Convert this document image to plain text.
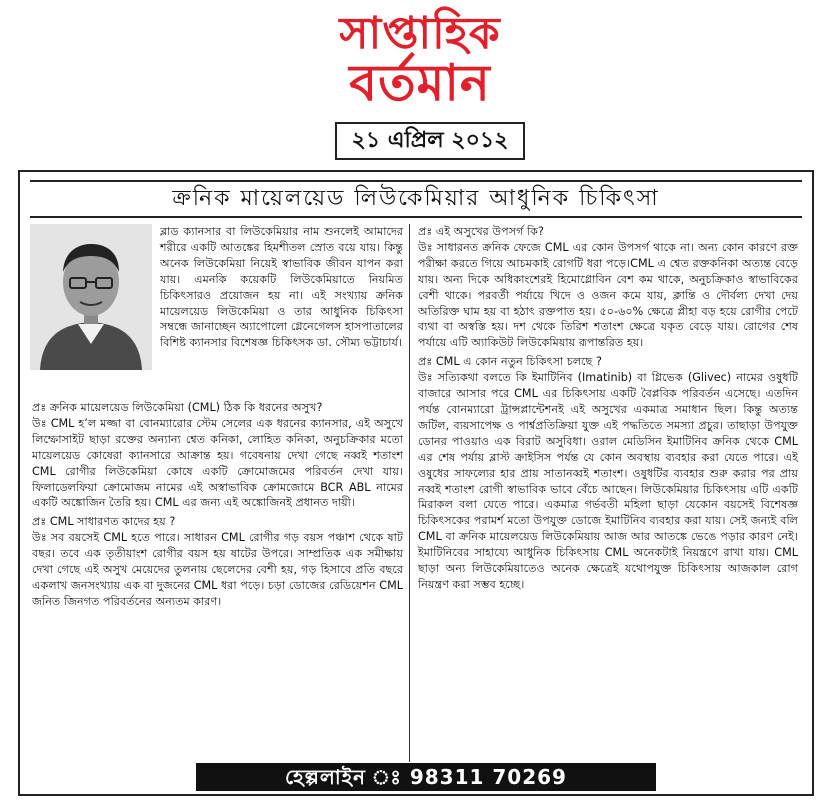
সাপ্তাহিক
বর্তমান
২১ এপ্রিল ২০১২
ক্রনিক মায়েলয়েড লিউকেমিয়ার আধুনিক চিকিৎসা

ব্লাড ক্যানসার বা লিউকেমিয়ার নাম শুনলেই আমাদের শরীরে একটি আতঙ্কের হিমশীতল স্রোত বয়ে যায়। কিন্তু অনেক লিউকেমিয়া নিয়েই স্বাভাবিক জীবন যাপন করা যায়। এমনকি কয়েকটি লিউকেমিয়াতে নিয়মিত চিকিৎসারও প্রয়োজন হয় না। এই সংখ্যায় ক্রনিক মায়েলয়েড লিউকেমিয়া ও তার আধুনিক চিকিৎসা সম্বন্ধে জানাচ্ছেন অ্যাপোলো গ্লেনেগেলস হাসপাতালের বিশিষ্ট ক্যানসার বিশেষজ্ঞ চিকিৎসক ডা. সৌম্য ভট্টাচার্য।

প্রঃ ক্রনিক মায়েলয়েড লিউকেমিয়া (CML) ঠিক কি ধরনের অসুখ?

উঃ CML হ’ল মজ্জা বা বোনম্যারোর স্টেম সেলের এক ধরনের ক্যানসার, এই অসুখে লিম্ফোসাইট ছাড়া রক্তের অন্যান্য শ্বেত কনিকা, লোহিত কনিকা, অনুচক্রিকার মতো মায়েলয়েড কোষেরা ক্যানসারে আক্রান্ত হয়। গবেষনায় দেখা গেছে নব্বই শতাংশ CML রোগীর লিউকেমিয়া কোষে একটি ক্রোমোজমের পরিবর্তন দেখা যায়। ফিলাডেলফিয়া ক্রোমোজম নামের এই অস্বাভাবিক ক্রোমজোমে BCR ABL নামের একটি অঙ্কোজিন তৈরি হয়। CML এর জন্য এই অঙ্কোজিনই প্রধানত দায়ী।

প্রঃ CML সাধারণত কাদের হয় ?

উঃ সব বয়সেই CML হতে পারে। সাধারন CML রোগীর গড় বয়স পঞ্চাশ থেকে ষাট বছর। তবে এক তৃতীয়াংশ রোগীর বয়স হয় ষাটের উপরে। সাম্প্রতিক এক সমীক্ষায় দেখা গেছে এই অসুখ মেয়েদের তুলনায় ছেলেদের বেশী হয়, গড় হিসাবে প্রতি বছরে একলাখ জনসংখ্যায় এক বা দুজনের CML ধরা পড়ে। চড়া ডোজের রেডিয়েশন CML জনিত জিনগত পরিবর্তনের অন্যতম কারণ।

প্রঃ এই অসুখের উপসর্গ কি?

উঃ সাধারনত ক্রনিক ফেজে CML এর কোন উপসর্গ থাকে না। অন্য কোন কারণে রক্ত পরীক্ষা করতে গিয়ে আচমকাই রোগটি ধরা পড়ে।CML এ শ্বেত রক্তকনিকা অত্যন্ত বেড়ে যায়। অন্য দিকে অধিকাংশেরই হিমোগ্লোবিন বেশ কম থাকে, অনুচক্রিকাও স্বাভাবিকের বেশী থাকে। পরবর্তী পর্যায়ে খিদে ও ওজন কমে যায়, ক্লান্তি ও দৌর্বল্য দেখা দেয় অতিরিক্ত ঘাম হয় বা হঠাৎ রক্তপাত হয়। ৫০-৬০% ক্ষেত্রে প্লীহা বড় হয়ে রোগীর পেটে ব্যথা বা অস্বস্তি হয়। দশ থেকে তিরিশ শতাংশ ক্ষেত্রে যকৃত বেড়ে যায়। রোগের শেষ পর্যায়ে এটি অ্যাকিউট লিউকেমিয়ায় রূপান্তরিত হয়।

প্রঃ CML এ কোন নতুন চিকিৎসা চলছে ?

উঃ সত্যিকথা বলতে কি ইমাটিনিব (Imatinib) বা গ্লিভেক (Glivec) নামের ওষুধটি বাজারে আসার পরে CML এর চিকিৎসায় একটি বৈপ্লবিক পরিবর্তন এসেছে। এতদিন পর্যন্ত বোনম্যারো ট্রান্সপ্লান্টেশনই এই অসুখের একমাত্র সমাধান ছিল। কিন্তু অত্যন্ত জটিল, ব্যয়সাপেক্ষ ও পার্শ্বপ্রতিক্রিয়া যুক্ত এই পদ্ধতিতে সমস্যা প্রচুর। তাছাড়া উপযুক্ত ডোনর পাওয়াও এক বিরাট অসুবিধা। ওরাল মেডিসিন ইমাটিনিব ক্রনিক থেকে CML এর শেষ পর্যায় ব্লাস্ট ক্রাইসিস পর্যন্ত যে কোন অবস্থায় ব্যবহার করা যেতে পারে। এই ওষুধের সাফল্যের হার প্রায় সাতানব্বই শতাংশ। ওষুধটির ব্যবহার শুরু করার পর প্রায় নব্বই শতাংশ রোগী স্বাভাবিক ভাবে বেঁচে আছেন। লিউকেমিয়ার চিকিৎসায় এটি একটি মিরাকল বলা যেতে পারে। একমাত্র গর্ভবতী মহিলা ছাড়া যেকোন বয়সেই বিশেষজ্ঞ চিকিৎসকের পরামর্শ মতো উপযুক্ত ডোজে ইমাটিনিব ব্যবহার করা যায়। সেই জন্যই বলি CML বা ক্রনিক মায়েলয়েড লিউকেমিয়ায় আজ আর আতঙ্কে ভেঙে পড়ার কারণ নেই। ইমাটিনিবের সাহায্যে আধুনিক চিকিৎসায় CML অনেকটাই নিয়ন্ত্রণে রাখা যায়। CML ছাড়া অন্য লিউকেমিয়াতেও অনেক ক্ষেত্রেই যথোপযুক্ত চিকিৎসায় আজকাল রোগ নিয়ন্ত্রণ করা সম্ভব হচ্ছে।

হেল্পলাইন ঃ 98311 70269
